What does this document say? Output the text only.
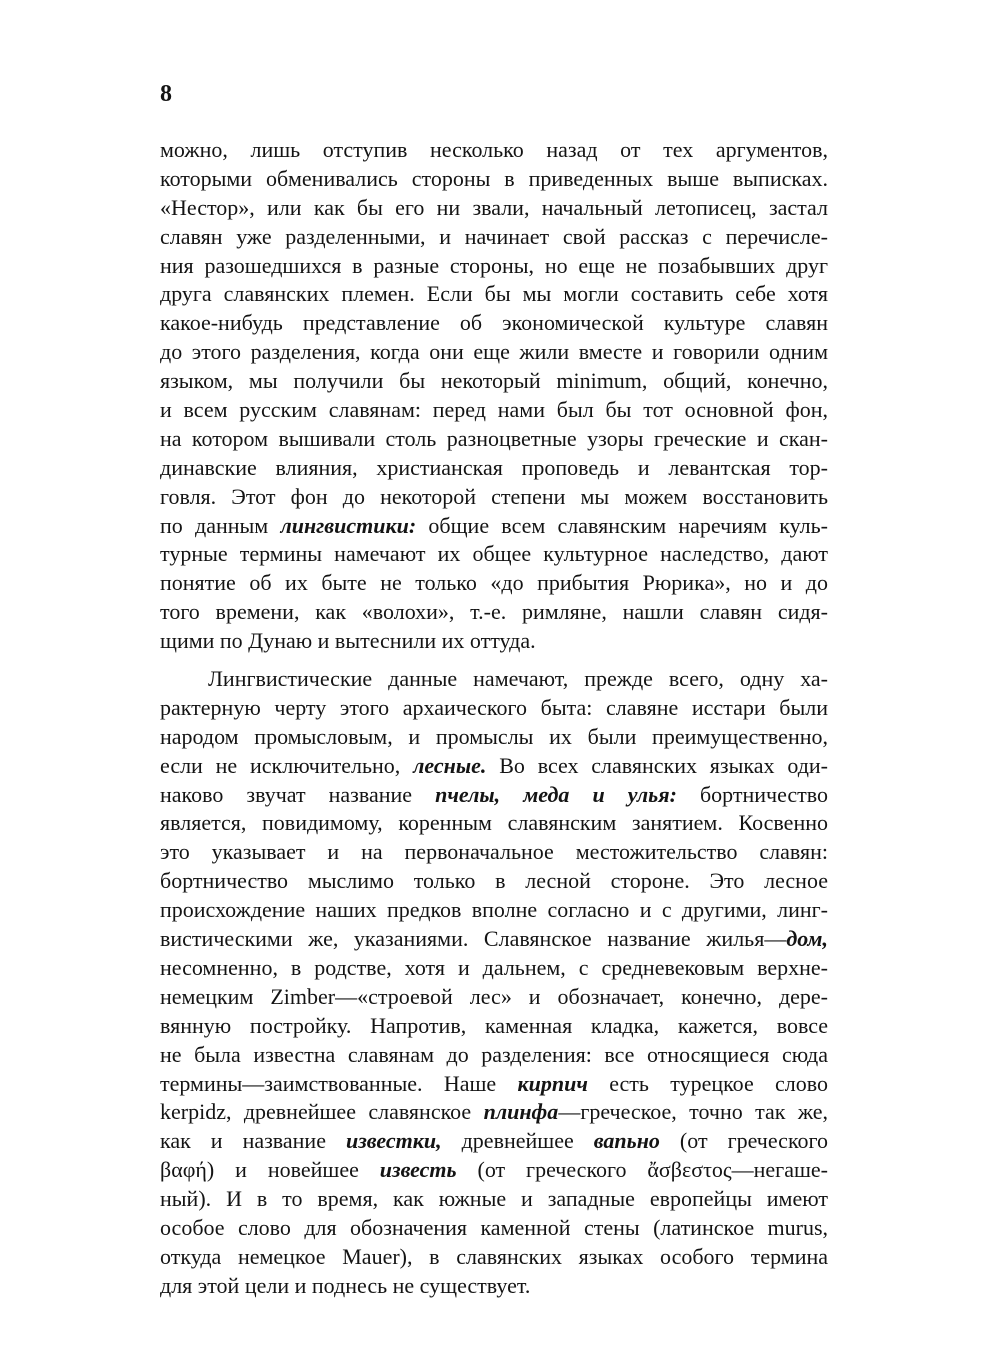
8
можно, лишь отступив несколько назад от тех аргументов,
которыми обменивались стороны в приведенных выше выписках.
«Нестор», или как бы его ни звали, начальный летописец, застал
славян уже разделенными, и начинает свой рассказ с перечисле-
ния разошедшихся в разные стороны, но еще не позабывших друг
друга славянских племен. Если бы мы могли составить себе хотя
какое-нибудь представление об экономической культуре славян
до этого разделения, когда они еще жили вместе и говорили одним
языком, мы получили бы некоторый minimum, общий, конечно,
и всем русским славянам: перед нами был бы тот основной фон,
на котором вышивали столь разноцветные узоры греческие и скан-
динавские влияния, христианская проповедь и левантская тор-
говля. Этот фон до некоторой степени мы можем восстановить
по данным лингвистики: общие всем славянским наречиям куль-
турные термины намечают их общее культурное наследство, дают
понятие об их быте не только «до прибытия Рюрика», но и до
того времени, как «волохи», т.-е. римляне, нашли славян сидя-
щими по Дунаю и вытеснили их оттуда.
Лингвистические данные намечают, прежде всего, одну ха-
рактерную черту этого архаического быта: славяне исстари были
народом промысловым, и промыслы их были преимущественно,
если не исключительно, лесные. Во всех славянских языках оди-
наково звучат название пчелы, меда и улья: бортничество
является, повидимому, коренным славянским занятием. Косвенно
это указывает и на первоначальное местожительство славян:
бортничество мыслимо только в лесной стороне. Это лесное
происхождение наших предков вполне согласно и с другими, линг-
вистическими же, указаниями. Славянское название жилья—дом,
несомненно, в родстве, хотя и дальнем, с средневековым верхне-
немецким Zimber—«строевой лес» и обозначает, конечно, дере-
вянную постройку. Напротив, каменная кладка, кажется, вовсе
не была известна славянам до разделения: все относящиеся сюда
термины—заимствованные. Наше кирпич есть турецкое слово
kerpidz, древнейшее славянское плинфа—греческое, точно так же,
как и название известки, древнейшее вапьно (от греческого
βαφή) и новейшее известь (от греческого ἄσβεστος—негаше-
ный). И в то время, как южные и западные европейцы имеют
особое слово для обозначения каменной стены (латинское murus,
откуда немецкое Mauer), в славянских языках особого термина
для этой цели и поднесь не существует.
